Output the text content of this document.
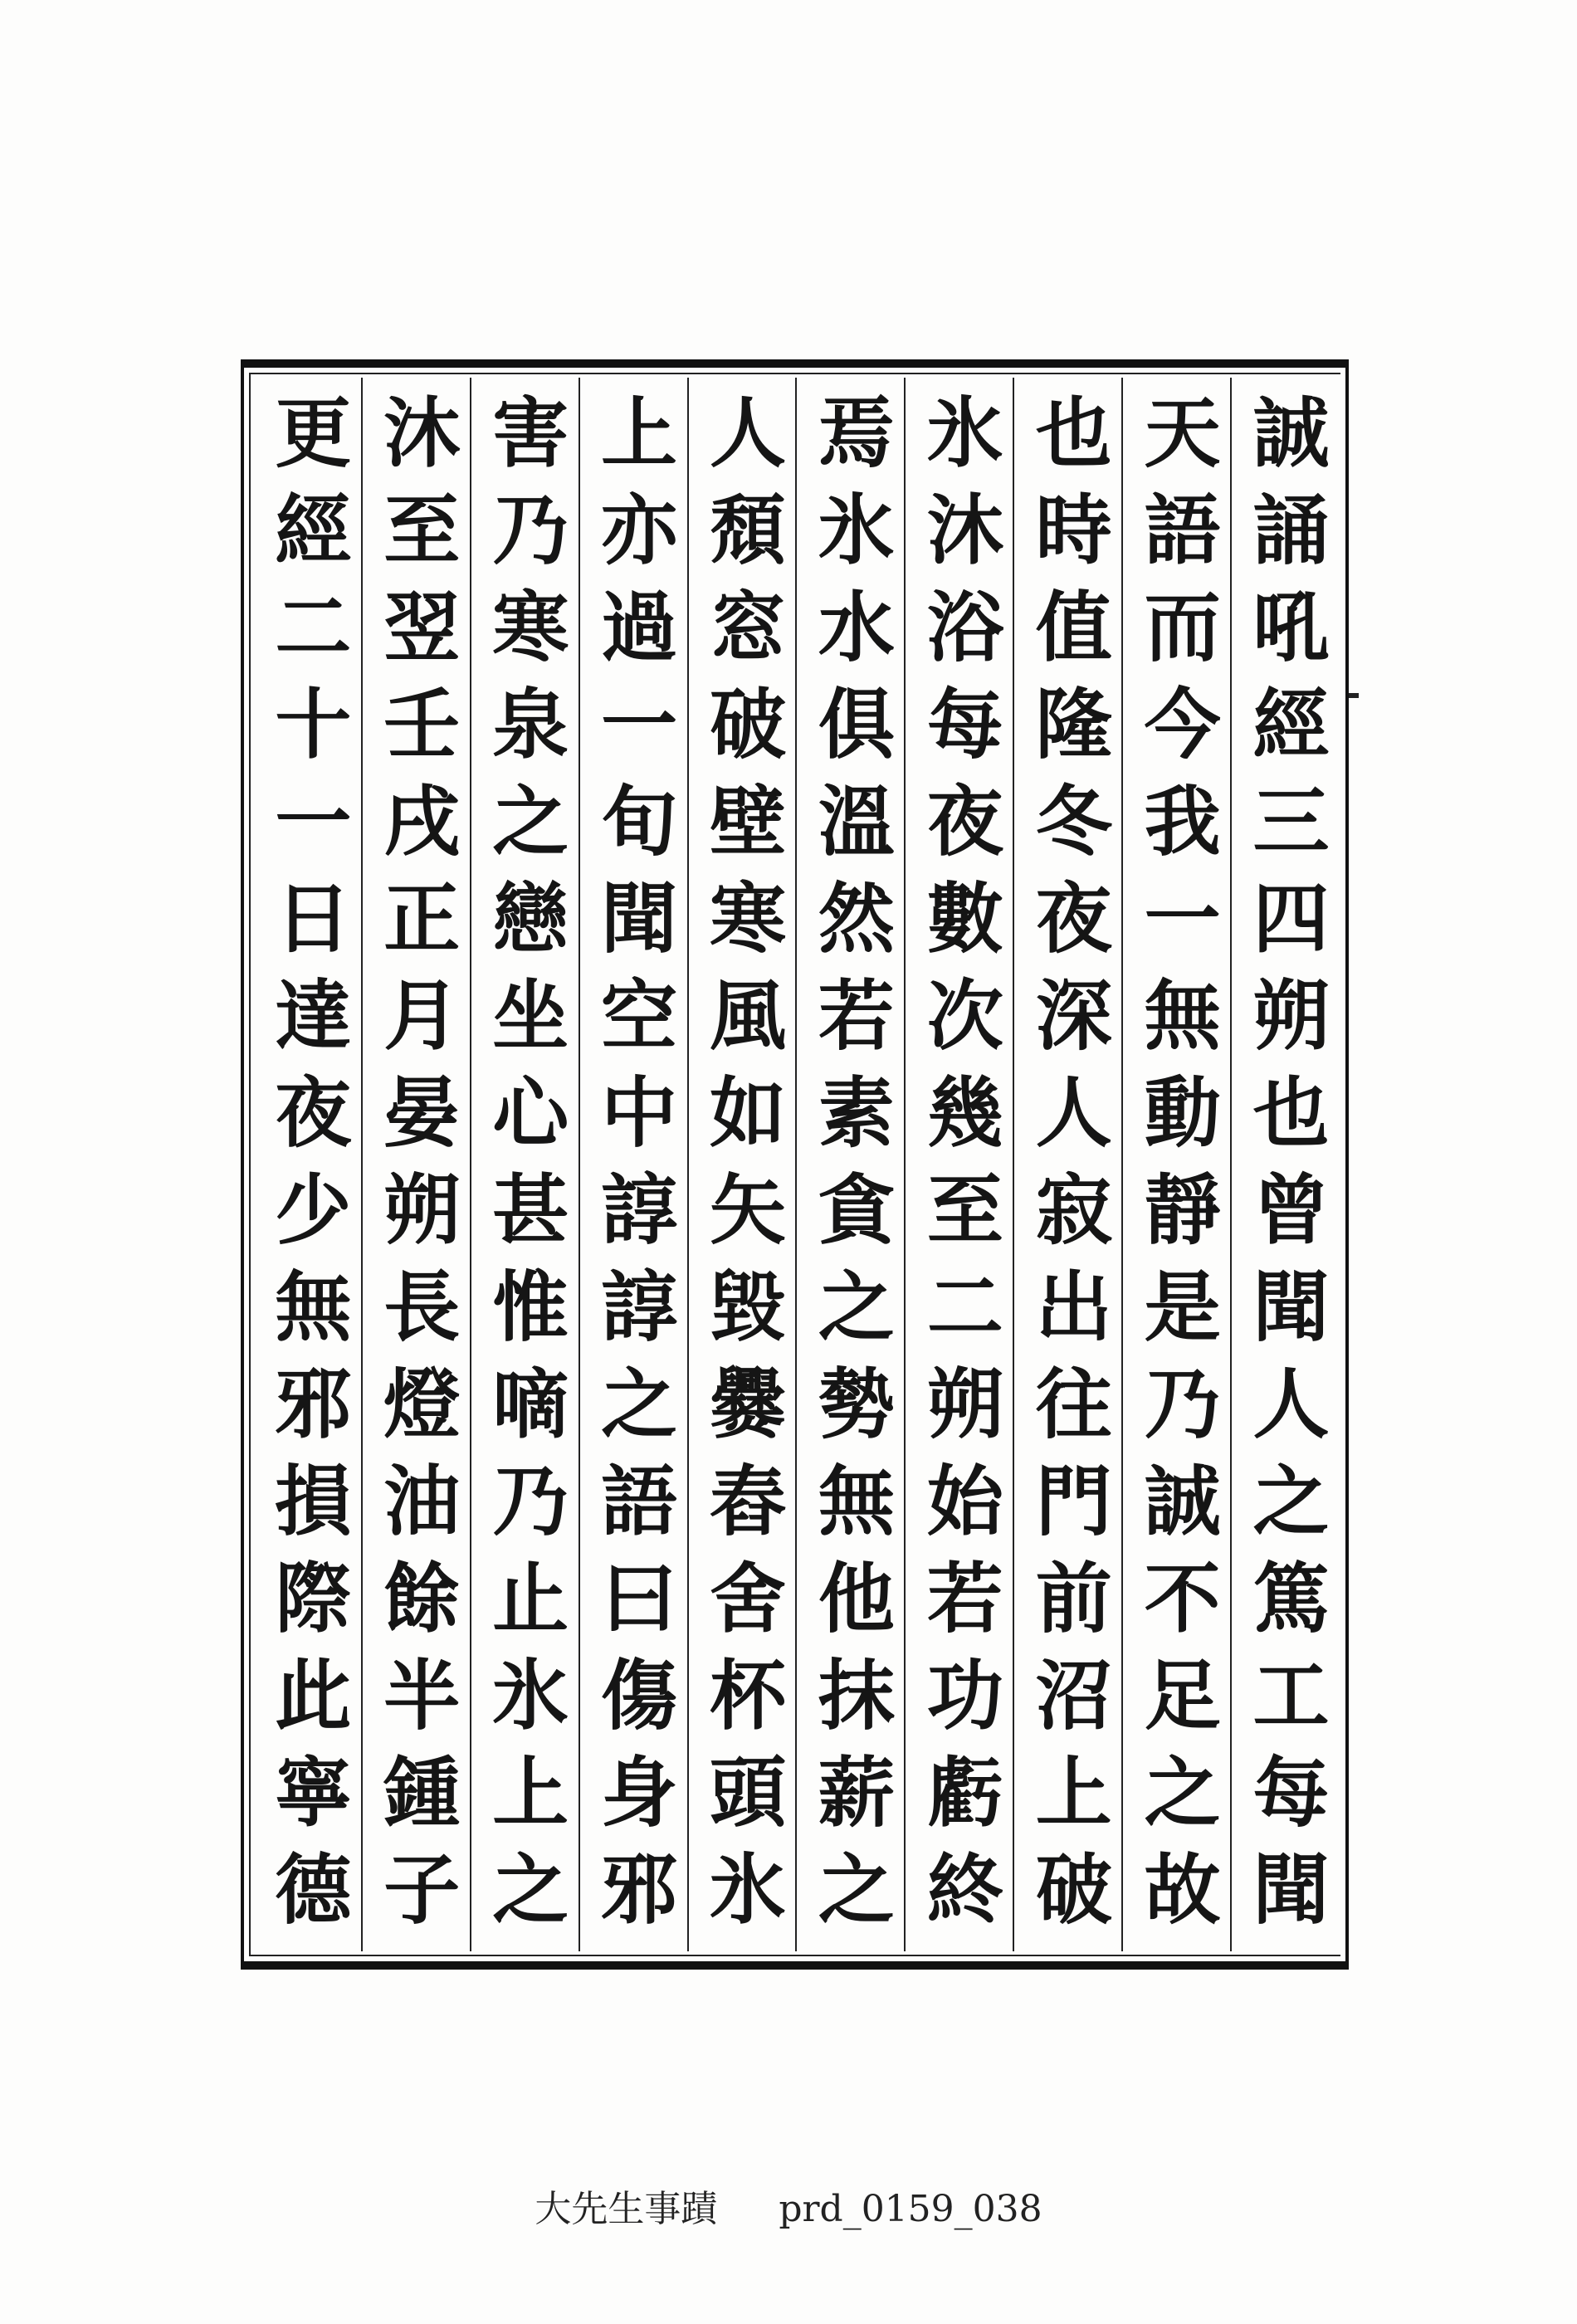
誠誦吼經三四朔也曾聞人之篤工每聞
天語而今我一無動靜是乃誠不足之故
也時值隆冬夜深人寂出往門前沼上破
氷沐浴每夜數次幾至二朔始若功虧終
焉氷水俱溫然若素貪之勢無他抹薪之
人頹窓破壁寒風如矢毀爨舂舍杯頭氷
上亦過一旬聞空中諄諄之語曰傷身邪
害乃寒泉之戀坐心甚惟嘀乃止氷上之
沐至翌壬戌正月晏朔長燈油餘半鍾子
更經二十一日達夜少無邪損際此寧德
大先生事蹟 prd_0159_038
